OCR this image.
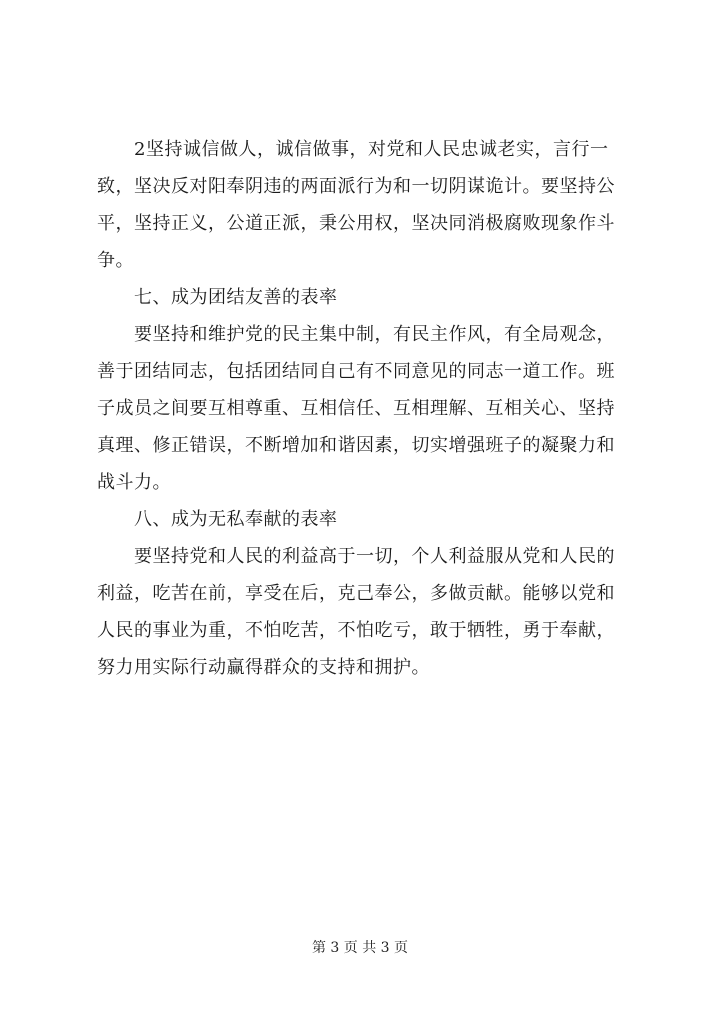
2坚持诚信做人，诚信做事，对党和人民忠诚老实，言行一
致，坚决反对阳奉阴违的两面派行为和一切阴谋诡计。要坚持公
平，坚持正义，公道正派，秉公用权，坚决同消极腐败现象作斗
争。

七、成为团结友善的表率

要坚持和维护党的民主集中制，有民主作风，有全局观念，
善于团结同志，包括团结同自己有不同意见的同志一道工作。班
子成员之间要互相尊重、互相信任、互相理解、互相关心、坚持
真理、修正错误，不断增加和谐因素，切实增强班子的凝聚力和
战斗力。

八、成为无私奉献的表率

要坚持党和人民的利益高于一切，个人利益服从党和人民的
利益，吃苦在前，享受在后，克己奉公，多做贡献。能够以党和
人民的事业为重，不怕吃苦，不怕吃亏，敢于牺牲，勇于奉献，
努力用实际行动赢得群众的支持和拥护。

第 3 页 共 3 页
